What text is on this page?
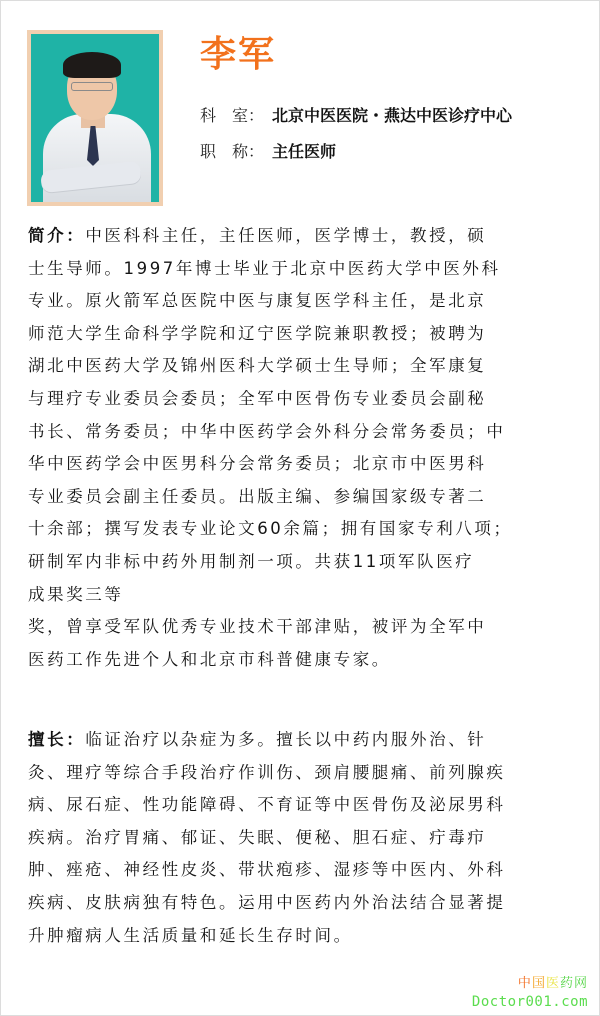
李军
科　室： 北京中医医院・燕达中医诊疗中心
职　称： 主任医师
简介：中医科科主任，主任医师，医学博士，教授，硕
士生导师。1997年博士毕业于北京中医药大学中医外科
专业。原火箭军总医院中医与康复医学科主任，是北京
师范大学生命科学学院和辽宁医学院兼职教授；被聘为
湖北中医药大学及锦州医科大学硕士生导师；全军康复
与理疗专业委员会委员；全军中医骨伤专业委员会副秘
书长、常务委员；中华中医药学会外科分会常务委员；中
华中医药学会中医男科分会常务委员；北京市中医男科
专业委员会副主任委员。出版主编、参编国家级专著二
十余部；撰写发表专业论文60余篇；拥有国家专利八项；
研制军内非标中药外用制剂一项。共获11项军队医疗
成果奖三等
奖，曾享受军队优秀专业技术干部津贴，被评为全军中
医药工作先进个人和北京市科普健康专家。
擅长：临证治疗以杂症为多。擅长以中药内服外治、针
灸、理疗等综合手段治疗作训伤、颈肩腰腿痛、前列腺疾
病、尿石症、性功能障碍、不育证等中医骨伤及泌尿男科
疾病。治疗胃痛、郁证、失眠、便秘、胆石症、疔毒疖
肿、痤疮、神经性皮炎、带状疱疹、湿疹等中医内、外科
疾病、皮肤病独有特色。运用中医药内外治法结合显著提
升肿瘤病人生活质量和延长生存时间。
中国医药网
Doctor001.com
